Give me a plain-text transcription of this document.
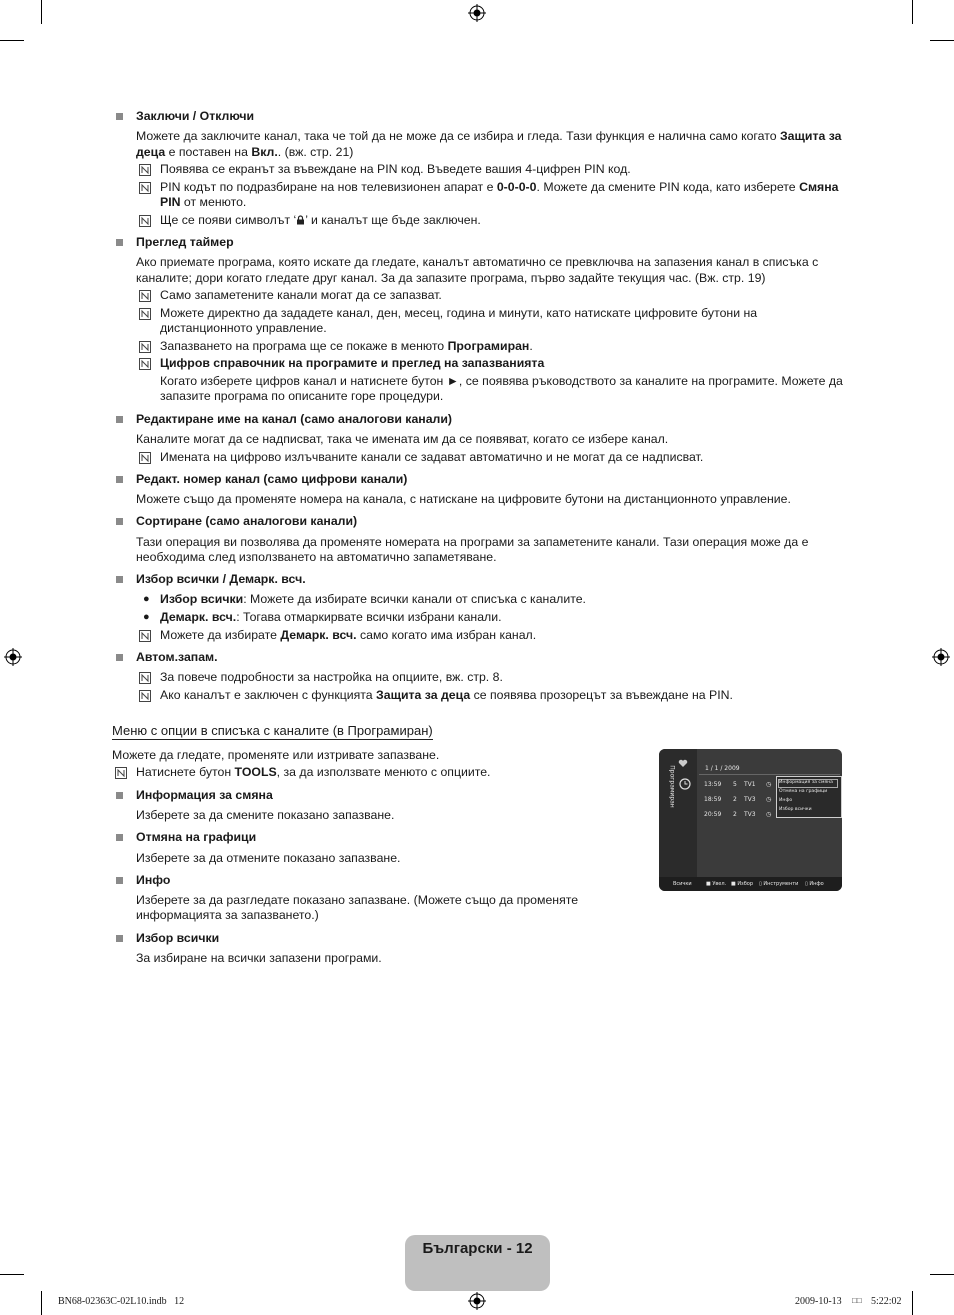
Заключи / Отключи
Можете да заключите канал, така че той да не може да се избира и гледа. Тази функция е налична само когато Защита за
деца е поставен на Вкл.. (вж. стр. 21)
Появява се екранът за въвеждане на PIN код. Въведете вашия 4-цифрен PIN код.
PIN кодът по подразбиране на нов телевизионен апарат е 0-0-0-0. Можете да смените PIN кода, като изберете Смяна
PIN от менюто.
Ще се появи символът ‘ ’ и каналът ще бъде заключен.
Преглед таймер
Ако приемате програма, която искате да гледате, каналът автоматично се превключва на запазения канал в списъка с
каналите; дори когато гледате друг канал. За да запазите програма, първо задайте текущия час. (Вж. стр. 19)
Само запаметените канали могат да се запазват.
Можете директно да зададете канал, ден, месец, година и минути, като натискате цифровите бутони на
дистанционното управление.
Запазването на програма ще се покаже в менюто Програмиран.
Цифров справочник на програмите и преглед на запазванията
Когато изберете цифров канал и натиснете бутон ►, се появява ръководството за каналите на програмите. Можете да
запазите програма по описаните горе процедури.
Редактиране име на канал (само аналогови канали)
Каналите могат да се надписват, така че имената им да се появяват, когато се избере канал.
Имената на цифрово излъчваните канали се задават автоматично и не могат да се надписват.
Редакт. номер канал (само цифрови канали)
Можете също да променяте номера на канала, с натискане на цифровите бутони на дистанционното управление.
Сортиране (само аналогови канали)
Тази операция ви позволява да променяте номерата на програми за запаметените канали. Тази операция може да е
необходима след използването на автоматично запаметяване.
Избор всички / Демарк. всч.
● Избор всички: Можете да избирате всички канали от списъка с каналите.
● Демарк. всч.: Тогава отмаркирвате всички избрани канали.
Можете да избирате Демарк. всч. само когато има избран канал.
Автом.запам.
За повече подробности за настройка на опциите, вж. стр. 8.
Ако каналът е заключен с функцията Защита за деца се появява прозорецът за въвеждане на PIN.
Меню с опции в списъка с каналите (в Програмиран)
Можете да гледате, променяте или изтривате запазване.
Натиснете бутон TOOLS, за да използвате менюто с опциите.
Информация за смяна
Изберете за да смените показано запазване.
Отмяна на графици
Изберете за да отмените показано запазване.
Инфо
Изберете за да разгледате показано запазване. (Можете също да променяте
информацията за запазването.)
Избор всички
За избиране на всички запазени програми.
Програмиран	1 / 1 / 2009
13:59 5 TV1
18:59 2 TV3
20:59 2 TV3
◷
◷
◷
Информация за смяна
Отмяна на графици
Инфо
Избор всички
Всички	■ Увел. ■ Избор ▯ Инструменти ▯ Инфо
Български - 12
BN68-02363C-02L10.indb   12	2009-10-13 □□ 5:22:02
